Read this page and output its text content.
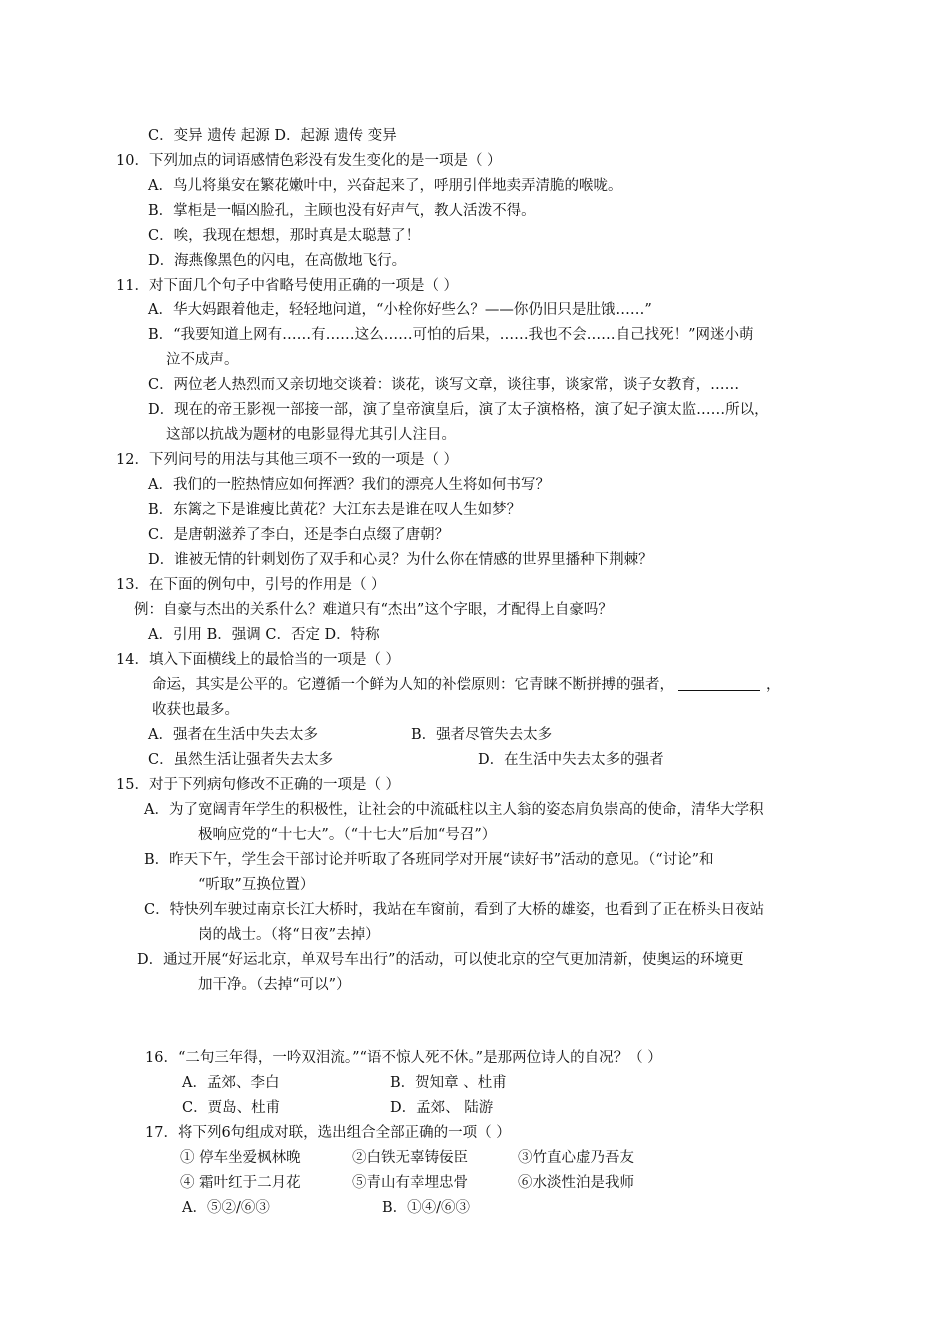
C．变异 遗传 起源 D．起源 遗传 变异
10．下列加点的词语感情色彩没有发生变化的是一项是（ ）
A．鸟儿将巢安在繁花嫩叶中，兴奋起来了，呼朋引伴地卖弄清脆的喉咙。
B．掌柜是一幅凶脸孔，主顾也没有好声气，教人活泼不得。
C．唉，我现在想想，那时真是太聪慧了！
D．海燕像黑色的闪电，在高傲地飞行。
11．对下面几个句子中省略号使用正确的一项是（ ）
A．华大妈跟着他走，轻轻地问道，“小栓你好些么？——你仍旧只是肚饿……”
B．“我要知道上网有……有……这么……可怕的后果，……我也不会……自己找死！”网迷小萌
泣不成声。
C．两位老人热烈而又亲切地交谈着：谈花，谈写文章，谈往事，谈家常，谈子女教育，……
D．现在的帝王影视一部接一部，演了皇帝演皇后，演了太子演格格，演了妃子演太监……所以，
这部以抗战为题材的电影显得尤其引人注目。
12．下列问号的用法与其他三项不一致的一项是（ ）
A．我们的一腔热情应如何挥洒？我们的漂亮人生将如何书写？
B．东篱之下是谁瘦比黄花？大江东去是谁在叹人生如梦？
C．是唐朝滋养了李白，还是李白点缀了唐朝？
D．谁被无情的针刺划伤了双手和心灵？为什么你在情感的世界里播种下荆棘？
13．在下面的例句中，引号的作用是（ ）
例：自豪与杰出的关系什么？难道只有“杰出”这个字眼，才配得上自豪吗？
A．引用 B．强调 C．否定 D．特称
14．填入下面横线上的最恰当的一项是（ ）
命运，其实是公平的。它遵循一个鲜为人知的补偿原则：它青睐不断拼搏的强者，	，
收获也最多。
A．强者在生活中失去太多	B．强者尽管失去太多
C．虽然生活让强者失去太多	D．在生活中失去太多的强者
15．对于下列病句修改不正确的一项是（ ）
A．为了宽阔青年学生的积极性，让社会的中流砥柱以主人翁的姿态肩负崇高的使命，清华大学积
极响应党的“十七大”。（“十七大”后加“号召”）
B．昨天下午，学生会干部讨论并听取了各班同学对开展“读好书”活动的意见。（“讨论”和
“听取”互换位置）
C．特快列车驶过南京长江大桥时，我站在车窗前，看到了大桥的雄姿，也看到了正在桥头日夜站
岗的战士。（将“日夜”去掉）
D．通过开展“好运北京，单双号车出行”的活动，可以使北京的空气更加清新，使奥运的环境更
加干净。（去掉“可以”）
16．“二句三年得，一吟双泪流。”“语不惊人死不休。”是那两位诗人的自况？（ ）
A．孟郊、李白	B．贺知章 、杜甫
C．贾岛、杜甫	D．孟郊、 陆游
17．将下列6句组成对联，选出组合全部正确的一项（ ）
① 停车坐爱枫林晚	②白铁无辜铸佞臣	③竹直心虚乃吾友
④ 霜叶红于二月花	⑤青山有幸埋忠骨	⑥水淡性泊是我师
A．⑤②/⑥③	B．①④/⑥③
